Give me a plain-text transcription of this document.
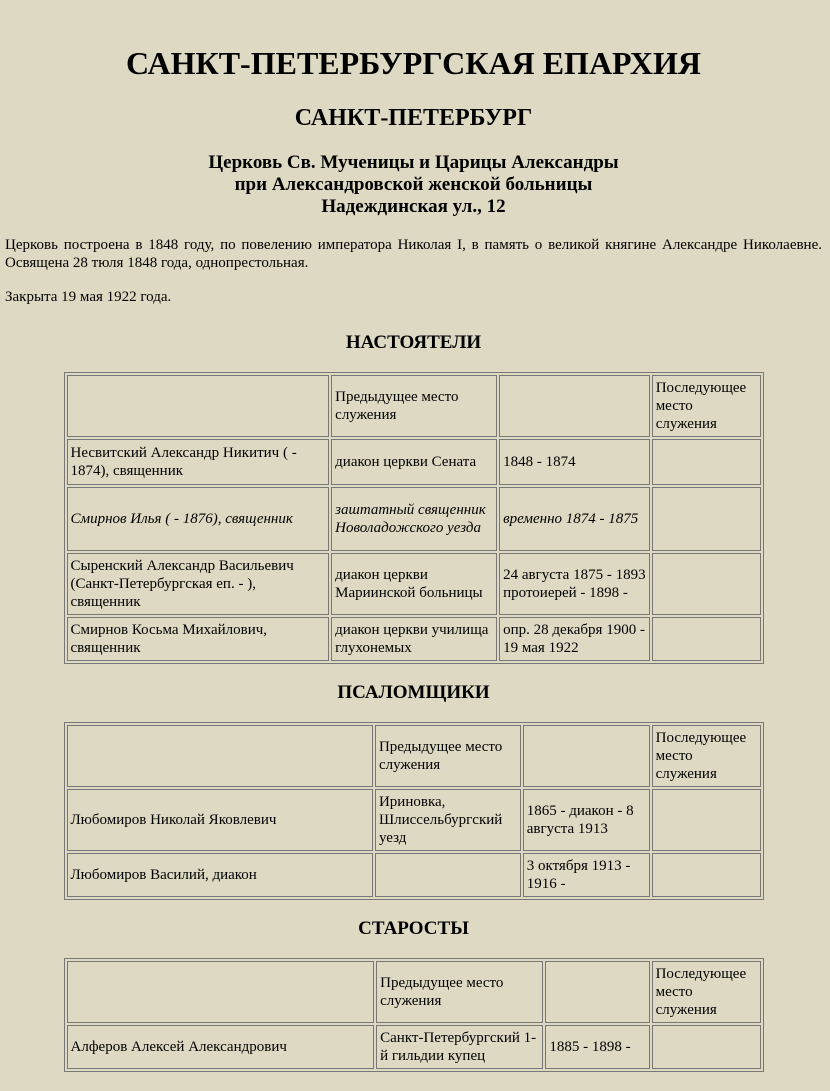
САНКТ-ПЕТЕРБУРГСКАЯ ЕПАРХИЯ
САНКТ-ПЕТЕРБУРГ
Церковь Св. Мученицы и Царицы Александры
при Александровской женской больницы
Надеждинская ул., 12
Церковь построена в 1848 году, по повелению императора Николая I, в память о великой княгине Александре Николаевне. Освящена 28 тюля 1848 года, однопрестольная.
Закрыта 19 мая 1922 года.
НАСТОЯТЕЛИ
	Предыдущее место служения		Последующее место служения
Несвитский Александр Никитич ( - 1874), священник	диакон церкви Сената	1848 - 1874	
Смирнов Илья ( - 1876), священник	заштатный священник Новоладожского уезда	временно 1874 - 1875	
Сыренский Александр Васильевич (Санкт-Петербургская еп. - ), священник	диакон церкви Мариинской больницы	24 августа 1875 - 1893 протоиерей - 1898 -	
Смирнов Косьма Михайлович, священник	диакон церкви училища глухонемых	опр. 28 декабря 1900 - 19 мая 1922	
ПСАЛОМЩИКИ
	Предыдущее место служения		Последующее место служения
Любомиров Николай Яковлевич	Ириновка, Шлиссельбургский уезд	1865 - диакон - 8 августа 1913	
Любомиров Василий, диакон		3 октября 1913 - 1916 -	
СТАРОСТЫ
	Предыдущее место служения		Последующее место служения
Алферов Алексей Александрович	Санкт-Петербургский 1-й гильдии купец	1885 - 1898 -	
